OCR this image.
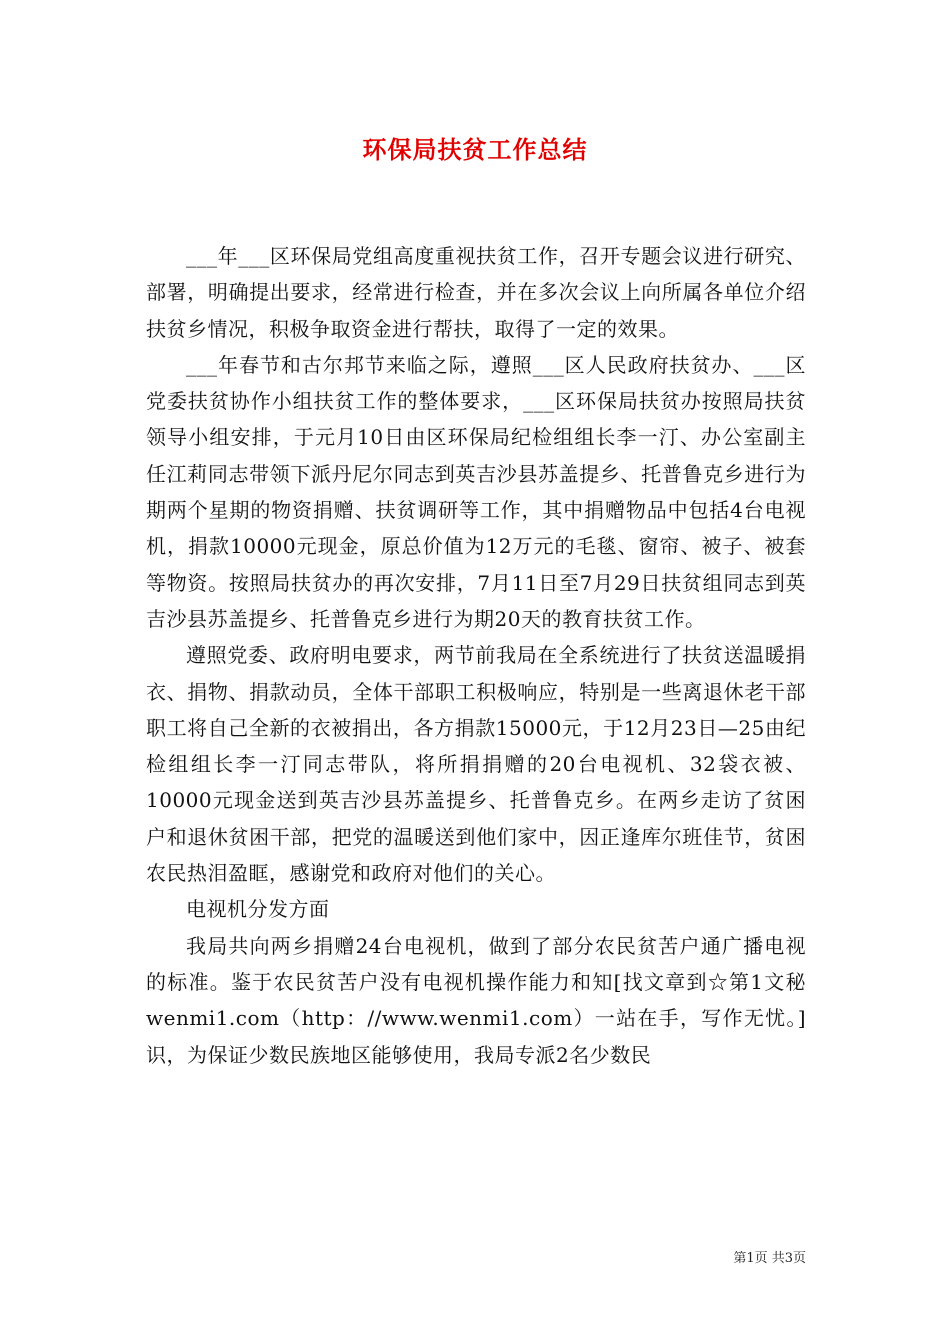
环保局扶贫工作总结

___年___区环保局党组高度重视扶贫工作，召开专题会议进行研究、部署，明确提出要求，经常进行检查，并在多次会议上向所属各单位介绍扶贫乡情况，积极争取资金进行帮扶，取得了一定的效果。

___年春节和古尔邦节来临之际，遵照___区人民政府扶贫办、___区党委扶贫协作小组扶贫工作的整体要求，___区环保局扶贫办按照局扶贫领导小组安排，于元月10日由区环保局纪检组组长李一汀、办公室副主任江莉同志带领下派丹尼尔同志到英吉沙县苏盖提乡、托普鲁克乡进行为期两个星期的物资捐赠、扶贫调研等工作，其中捐赠物品中包括4台电视机，捐款10000元现金，原总价值为12万元的毛毯、窗帘、被子、被套等物资。按照局扶贫办的再次安排，7月11日至7月29日扶贫组同志到英吉沙县苏盖提乡、托普鲁克乡进行为期20天的教育扶贫工作。

遵照党委、政府明电要求，两节前我局在全系统进行了扶贫送温暖捐衣、捐物、捐款动员，全体干部职工积极响应，特别是一些离退休老干部职工将自己全新的衣被捐出，各方捐款15000元，于12月23日—25由纪检组组长李一汀同志带队，将所捐捐赠的20台电视机、32袋衣被、10000元现金送到英吉沙县苏盖提乡、托普鲁克乡。在两乡走访了贫困户和退休贫困干部，把党的温暖送到他们家中，因正逢库尔班佳节，贫困农民热泪盈眶，感谢党和政府对他们的关心。

电视机分发方面

我局共向两乡捐赠24台电视机，做到了部分农民贫苦户通广播电视的标准。鉴于农民贫苦户没有电视机操作能力和知[找文章到☆第1文秘wenmi1.com（http：//www.wenmi1.com）一站在手，写作无忧。]识，为保证少数民族地区能够使用，我局专派2名少数民

第1页 共3页
